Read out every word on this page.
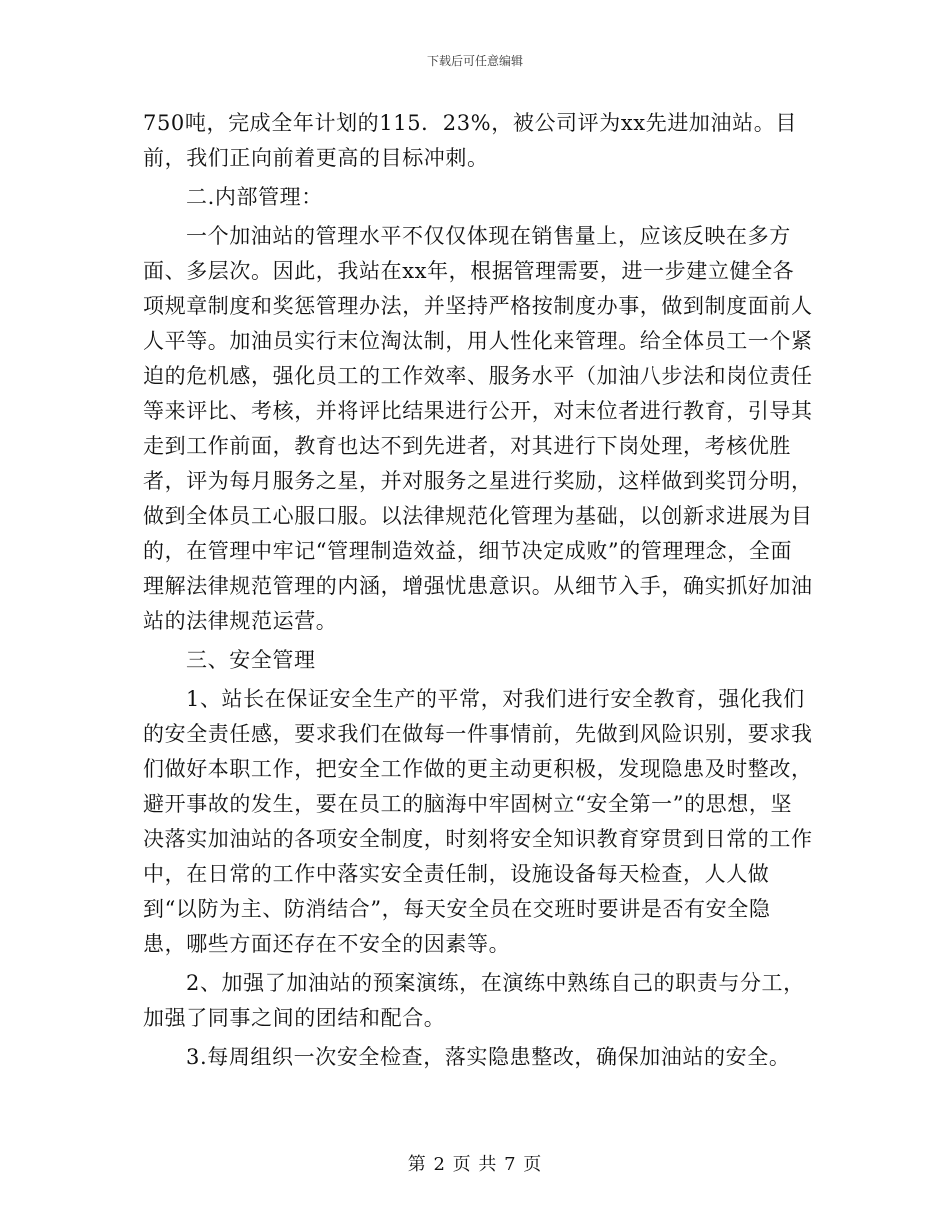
下载后可任意编辑

750吨，完成全年计划的115．23%，被公司评为xx先进加油站。目前，我们正向前着更高的目标冲刺。

二.内部管理：

一个加油站的管理水平不仅仅体现在销售量上，应该反映在多方面、多层次。因此，我站在xx年，根据管理需要，进一步建立健全各项规章制度和奖惩管理办法，并坚持严格按制度办事，做到制度面前人人平等。加油员实行末位淘汰制，用人性化来管理。给全体员工一个紧迫的危机感，强化员工的工作效率、服务水平（加油八步法和岗位责任等来评比、考核，并将评比结果进行公开，对末位者进行教育，引导其走到工作前面，教育也达不到先进者，对其进行下岗处理，考核优胜者，评为每月服务之星，并对服务之星进行奖励，这样做到奖罚分明，做到全体员工心服口服。以法律规范化管理为基础，以创新求进展为目的，在管理中牢记“管理制造效益，细节决定成败”的管理理念，全面理解法律规范管理的内涵，增强忧患意识。从细节入手，确实抓好加油站的法律规范运营。

三、安全管理

1、站长在保证安全生产的平常，对我们进行安全教育，强化我们的安全责任感，要求我们在做每一件事情前，先做到风险识别，要求我们做好本职工作，把安全工作做的更主动更积极，发现隐患及时整改，避开事故的发生，要在员工的脑海中牢固树立“安全第一”的思想，坚决落实加油站的各项安全制度，时刻将安全知识教育穿贯到日常的工作中，在日常的工作中落实安全责任制，设施设备每天检查，人人做到“以防为主、防消结合”，每天安全员在交班时要讲是否有安全隐患，哪些方面还存在不安全的因素等。

2、加强了加油站的预案演练，在演练中熟练自己的职责与分工，加强了同事之间的团结和配合。

3.每周组织一次安全检查，落实隐患整改，确保加油站的安全。

第 2 页 共 7 页
